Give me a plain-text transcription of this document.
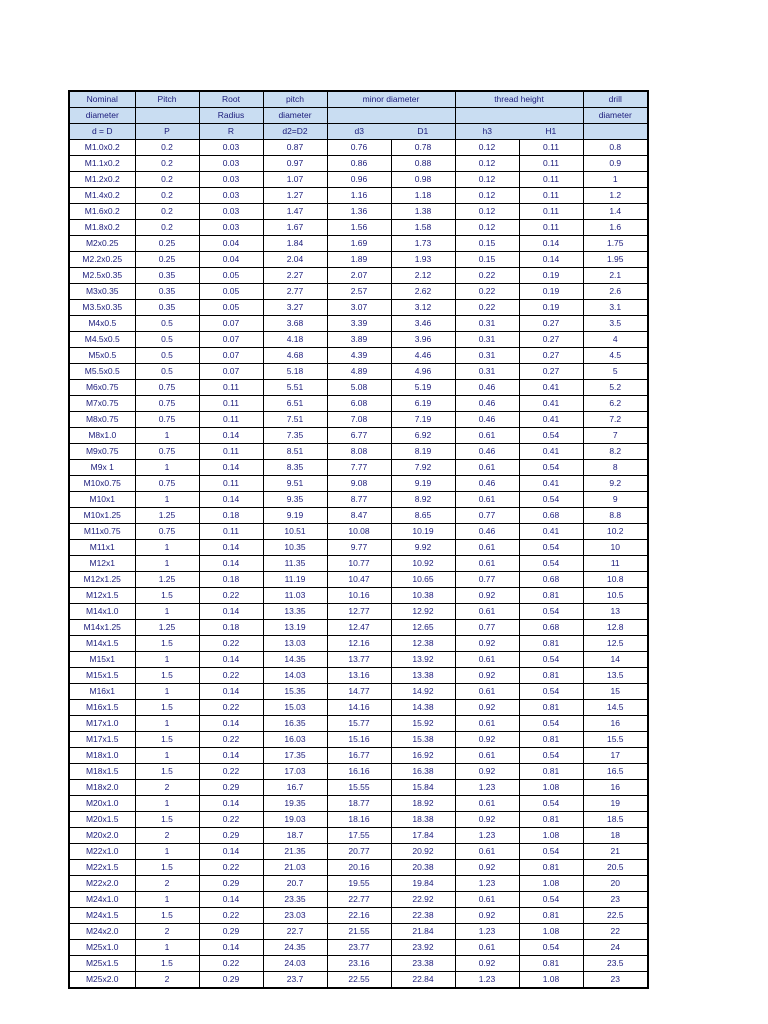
Nominal	Pitch	Root	pitch	minor diameter		thread height		drill
diameter		Radius	diameter					diameter
d = D	P	R	d2=D2	d3	D1	h3	H1	
M1.0x0.2	0.2	0.03	0.87	0.76	0.78	0.12	0.11	0.8
M1.1x0.2	0.2	0.03	0.97	0.86	0.88	0.12	0.11	0.9
M1.2x0.2	0.2	0.03	1.07	0.96	0.98	0.12	0.11	1
M1.4x0.2	0.2	0.03	1.27	1.16	1.18	0.12	0.11	1.2
M1.6x0.2	0.2	0.03	1.47	1.36	1.38	0.12	0.11	1.4
M1.8x0.2	0.2	0.03	1.67	1.56	1.58	0.12	0.11	1.6
M2x0.25	0.25	0.04	1.84	1.69	1.73	0.15	0.14	1.75
M2.2x0.25	0.25	0.04	2.04	1.89	1.93	0.15	0.14	1.95
M2.5x0.35	0.35	0.05	2.27	2.07	2.12	0.22	0.19	2.1
M3x0.35	0.35	0.05	2.77	2.57	2.62	0.22	0.19	2.6
M3.5x0.35	0.35	0.05	3.27	3.07	3.12	0.22	0.19	3.1
M4x0.5	0.5	0.07	3.68	3.39	3.46	0.31	0.27	3.5
M4.5x0.5	0.5	0.07	4.18	3.89	3.96	0.31	0.27	4
M5x0.5	0.5	0.07	4.68	4.39	4.46	0.31	0.27	4.5
M5.5x0.5	0.5	0.07	5.18	4.89	4.96	0.31	0.27	5
M6x0.75	0.75	0.11	5.51	5.08	5.19	0.46	0.41	5.2
M7x0.75	0.75	0.11	6.51	6.08	6.19	0.46	0.41	6.2
M8x0.75	0.75	0.11	7.51	7.08	7.19	0.46	0.41	7.2
M8x1.0	1	0.14	7.35	6.77	6.92	0.61	0.54	7
M9x0.75	0.75	0.11	8.51	8.08	8.19	0.46	0.41	8.2
M9x 1	1	0.14	8.35	7.77	7.92	0.61	0.54	8
M10x0.75	0.75	0.11	9.51	9.08	9.19	0.46	0.41	9.2
M10x1	1	0.14	9.35	8.77	8.92	0.61	0.54	9
M10x1.25	1.25	0.18	9.19	8.47	8.65	0.77	0.68	8.8
M11x0.75	0.75	0.11	10.51	10.08	10.19	0.46	0.41	10.2
M11x1	1	0.14	10.35	9.77	9.92	0.61	0.54	10
M12x1	1	0.14	11.35	10.77	10.92	0.61	0.54	11
M12x1.25	1.25	0.18	11.19	10.47	10.65	0.77	0.68	10.8
M12x1.5	1.5	0.22	11.03	10.16	10.38	0.92	0.81	10.5
M14x1.0	1	0.14	13.35	12.77	12.92	0.61	0.54	13
M14x1.25	1.25	0.18	13.19	12.47	12.65	0.77	0.68	12.8
M14x1.5	1.5	0.22	13.03	12.16	12.38	0.92	0.81	12.5
M15x1	1	0.14	14.35	13.77	13.92	0.61	0.54	14
M15x1.5	1.5	0.22	14.03	13.16	13.38	0.92	0.81	13.5
M16x1	1	0.14	15.35	14.77	14.92	0.61	0.54	15
M16x1.5	1.5	0.22	15.03	14.16	14.38	0.92	0.81	14.5
M17x1.0	1	0.14	16.35	15.77	15.92	0.61	0.54	16
M17x1.5	1.5	0.22	16.03	15.16	15.38	0.92	0.81	15.5
M18x1.0	1	0.14	17.35	16.77	16.92	0.61	0.54	17
M18x1.5	1.5	0.22	17.03	16.16	16.38	0.92	0.81	16.5
M18x2.0	2	0.29	16.7	15.55	15.84	1.23	1.08	16
M20x1.0	1	0.14	19.35	18.77	18.92	0.61	0.54	19
M20x1.5	1.5	0.22	19.03	18.16	18.38	0.92	0.81	18.5
M20x2.0	2	0.29	18.7	17.55	17.84	1.23	1.08	18
M22x1.0	1	0.14	21.35	20.77	20.92	0.61	0.54	21
M22x1.5	1.5	0.22	21.03	20.16	20.38	0.92	0.81	20.5
M22x2.0	2	0.29	20.7	19.55	19.84	1.23	1.08	20
M24x1.0	1	0.14	23.35	22.77	22.92	0.61	0.54	23
M24x1.5	1.5	0.22	23.03	22.16	22.38	0.92	0.81	22.5
M24x2.0	2	0.29	22.7	21.55	21.84	1.23	1.08	22
M25x1.0	1	0.14	24.35	23.77	23.92	0.61	0.54	24
M25x1.5	1.5	0.22	24.03	23.16	23.38	0.92	0.81	23.5
M25x2.0	2	0.29	23.7	22.55	22.84	1.23	1.08	23
